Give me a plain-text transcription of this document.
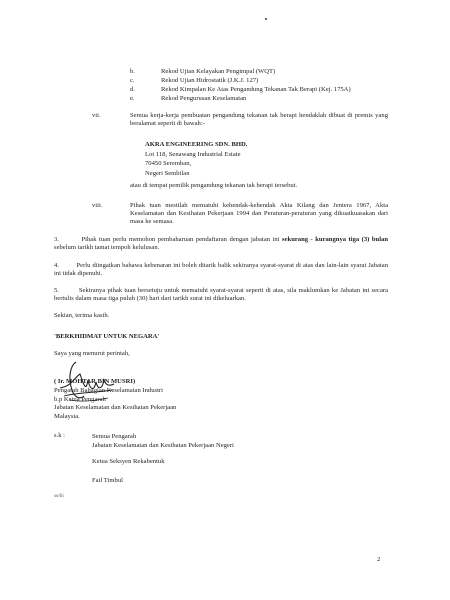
b.	Rekod Ujian Kelayakan Pengimpal (WQT)
c.	Rekod Ujian Hidrostatik (J.K.J. 127)
d.	Rekod Kimpalan Ke Atas Pengandung Tekanan Tak Berapi (Kej. 175A)
e.	Rekod Pengurusan Keselamatan
vii.	Semua kerja-kerja pembuatan pengandung tekanan tak berapi hendaklah dibuat di premis yang beralamat seperti di bawah:-

AKRA ENGINEERING SDN. BHD.
Lot 118, Senawang Industrial Estate
70450 Seremban,
Negeri Sembilan

atau di tempat pemilik pengandung tekanan tak berapi tersebut.

viii.	Pihak tuan mestilah mematuhi kehendak-kehendak Akta Kilang dan Jentera 1967, Akta Keselamatan dan Kesihatan Pekerjaan 1994 dan Peraturan-peraturan yang dikuatkuasakan dari masa ke semasa.

3.	Pihak tuan perlu memohon pembaharuan pendaftaran dengan jabatan ini sekurang - kurangnya tiga (3) bulan sebelum tarikh tamat tempoh kelulusan.

4.	Perlu diingatkan bahawa kebenaran ini boleh ditarik balik sekiranya syarat-syarat di atas dan lain-lain syarat Jabatan ini tidak dipenuhi.

5.	Sekiranya pihak tuan bersetuju untuk mematuhi syarat-syarat seperti di atas, sila maklumkan ke Jabatan ini secara bertulis dalam masa tiga puluh (30) hari dari tarikh surat ini dikeluarkan.

Sekian, terima kasih.

'BERKHIDMAT UNTUK NEGARA'

Saya yang menurut perintah,

( Ir. MOHTAR BIN MUSRI)
Pengarah Bahagian Keselamatan Industri
b.p Ketua Pengarah
Jabatan Keselamatan dan Kesihatan Pekerjaan
Malaysia.
s.k :	Semua Pengarah
Jabatan Keselamatan dan Kesihatan Pekerjaan Negeri

Ketua Seksyen Rekabentuk

Fail Timbul

so/hi

2
